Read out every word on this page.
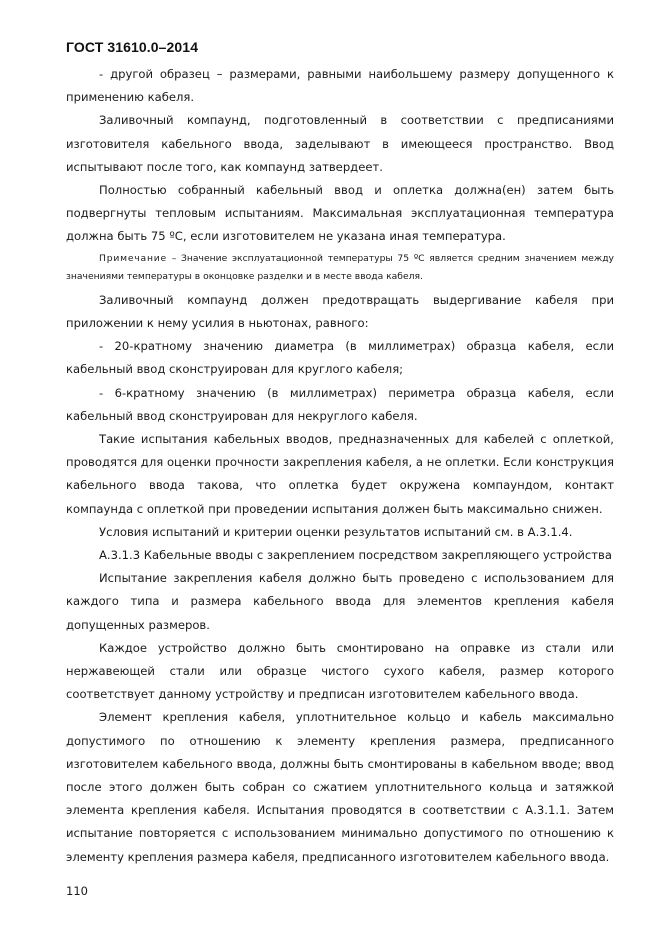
ГОСТ 31610.0–2014

- другой образец – размерами, равными наибольшему размеру допущенного к применению кабеля.

Заливочный компаунд, подготовленный в соответствии с предписаниями изготовителя кабельного ввода, заделывают в имеющееся пространство. Ввод испытывают после того, как компаунд затвердеет.

Полностью собранный кабельный ввод и оплетка должна(ен) затем быть подвергнуты тепловым испытаниям. Максимальная эксплуатационная температура должна быть 75 ºС, если изготовителем не указана иная температура.

Примечание – Значение эксплуатационной температуры 75 ºС является средним значением между значениями температуры в оконцовке разделки и в месте ввода кабеля.

Заливочный компаунд должен предотвращать выдергивание кабеля при приложении к нему усилия в ньютонах, равного:

- 20-кратному значению диаметра (в миллиметрах) образца кабеля, если кабельный ввод сконструирован для круглого кабеля;

- 6-кратному значению (в миллиметрах) периметра образца кабеля, если кабельный ввод сконструирован для некруглого кабеля.

Такие испытания кабельных вводов, предназначенных для кабелей с оплеткой, проводятся для оценки прочности закрепления кабеля, а не оплетки. Если конструкция кабельного ввода такова, что оплетка будет окружена компаундом, контакт компаунда с оплеткой при проведении испытания должен быть максимально снижен.

Условия испытаний и критерии оценки результатов испытаний см. в А.3.1.4.

А.3.1.3 Кабельные вводы с закреплением посредством закрепляющего устройства

Испытание закрепления кабеля должно быть проведено с использованием для каждого типа и размера кабельного ввода для элементов крепления кабеля допущенных размеров.

Каждое устройство должно быть смонтировано на оправке из стали или нержавеющей стали или образце чистого сухого кабеля, размер которого соответствует данному устройству и предписан изготовителем кабельного ввода.

Элемент крепления кабеля, уплотнительное кольцо и кабель максимально допустимого по отношению к элементу крепления размера, предписанного изготовителем кабельного ввода, должны быть смонтированы в кабельном вводе; ввод после этого должен быть собран со сжатием уплотнительного кольца и затяжкой элемента крепления кабеля. Испытания проводятся в соответствии с А.3.1.1. Затем испытание повторяется с использованием минимально допустимого по отношению к элементу крепления размера кабеля, предписанного изготовителем кабельного ввода.

110
